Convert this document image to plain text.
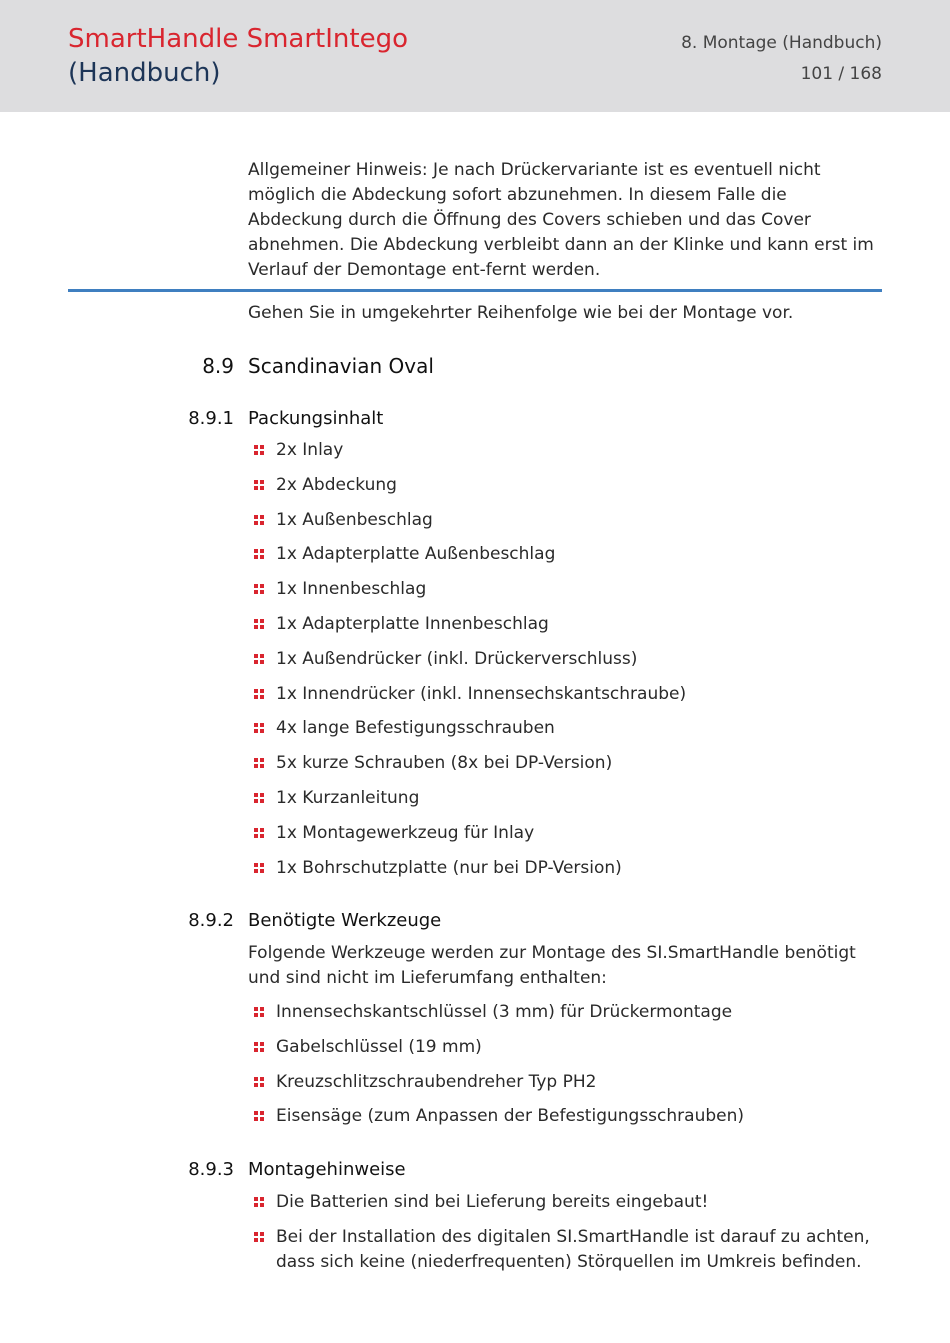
SmartHandle SmartIntego
(Handbuch)
8. Montage (Handbuch)
101 / 168
Allgemeiner Hinweis: Je nach Drückervariante ist es eventuell nicht möglich die Abdeckung sofort abzunehmen. In diesem Falle die Abdeckung durch die Öffnung des Covers schieben und das Cover abnehmen. Die Abdeckung verbleibt dann an der Klinke und kann erst im Verlauf der Demontage ent-fernt werden.
Gehen Sie in umgekehrter Reihenfolge wie bei der Montage vor.
8.9 Scandinavian Oval
8.9.1 Packungsinhalt
2x Inlay
2x Abdeckung
1x Außenbeschlag
1x Adapterplatte Außenbeschlag
1x Innenbeschlag
1x Adapterplatte Innenbeschlag
1x Außendrücker (inkl. Drückerverschluss)
1x Innendrücker (inkl. Innensechskantschraube)
4x lange Befestigungsschrauben
5x kurze Schrauben (8x bei DP-Version)
1x Kurzanleitung
1x Montagewerkzeug für Inlay
1x Bohrschutzplatte (nur bei DP-Version)
8.9.2 Benötigte Werkzeuge
Folgende Werkzeuge werden zur Montage des SI.SmartHandle benötigt und sind nicht im Lieferumfang enthalten:
Innensechskantschlüssel (3 mm) für Drückermontage
Gabelschlüssel (19 mm)
Kreuzschlitzschraubendreher Typ PH2
Eisensäge (zum Anpassen der Befestigungsschrauben)
8.9.3 Montagehinweise
Die Batterien sind bei Lieferung bereits eingebaut!
Bei der Installation des digitalen SI.SmartHandle ist darauf zu achten, dass sich keine (niederfrequenten) Störquellen im Umkreis befinden.
